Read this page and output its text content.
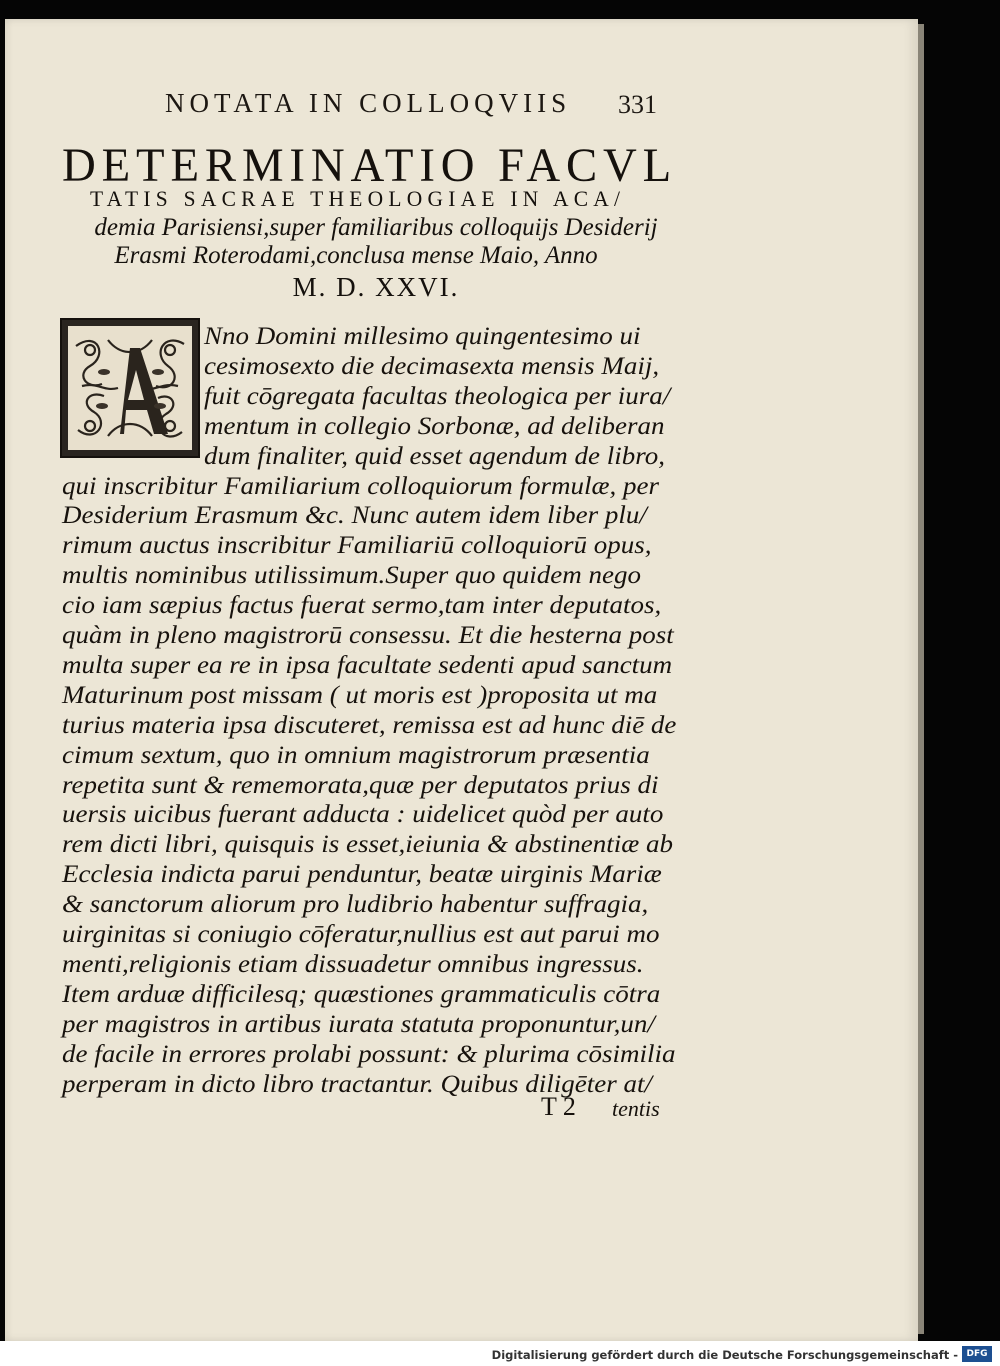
NOTATA IN COLLOQVIIS	331
DETERMINATIO FACVL
TATIS SACRAE THEOLOGIAE IN ACA/
demia Parisiensi,super familiaribus colloquijs Desiderij
Erasmi Roterodami,conclusa mense Maio, Anno
M. D. XXVI.
Nno Domini millesimo quingentesimo ui
cesimosexto die decimasexta mensis Maij,
fuit cōgregata facultas theologica per iura/
mentum in collegio Sorbonæ, ad deliberan
dum finaliter, quid esset agendum de libro,
qui inscribitur Familiarium colloquiorum formulæ, per
Desiderium Erasmum &c. Nunc autem idem liber plu/
rimum auctus inscribitur Familiariū colloquiorū opus,
multis nominibus utilissimum.Super quo quidem nego
cio iam sæpius factus fuerat sermo,tam inter deputatos,
quàm in pleno magistrorū consessu. Et die hesterna post
multa super ea re in ipsa facultate sedenti apud sanctum
Maturinum post missam ( ut moris est )proposita ut ma
turius materia ipsa discuteret, remissa est ad hunc diē de
cimum sextum, quo in omnium magistrorum præsentia
repetita sunt & rememorata,quæ per deputatos prius di
uersis uicibus fuerant adducta : uidelicet quòd per auto
rem dicti libri, quisquis is esset,ieiunia & abstinentiæ ab
Ecclesia indicta parui penduntur, beatæ uirginis Mariæ
& sanctorum aliorum pro ludibrio habentur suffragia,
uirginitas si coniugio cōferatur,nullius est aut parui mo
menti,religionis etiam dissuadetur omnibus ingressus.
Item arduæ difficilesq; quæstiones grammaticulis cōtra
per magistros in artibus iurata statuta proponuntur,un/
de facile in errores prolabi possunt: & plurima cōsimilia
perperam in dicto libro tractantur. Quibus diligēter at/
T 2 tentis
Digitalisierung gefördert durch die Deutsche Forschungsgemeinschaft - DFG
